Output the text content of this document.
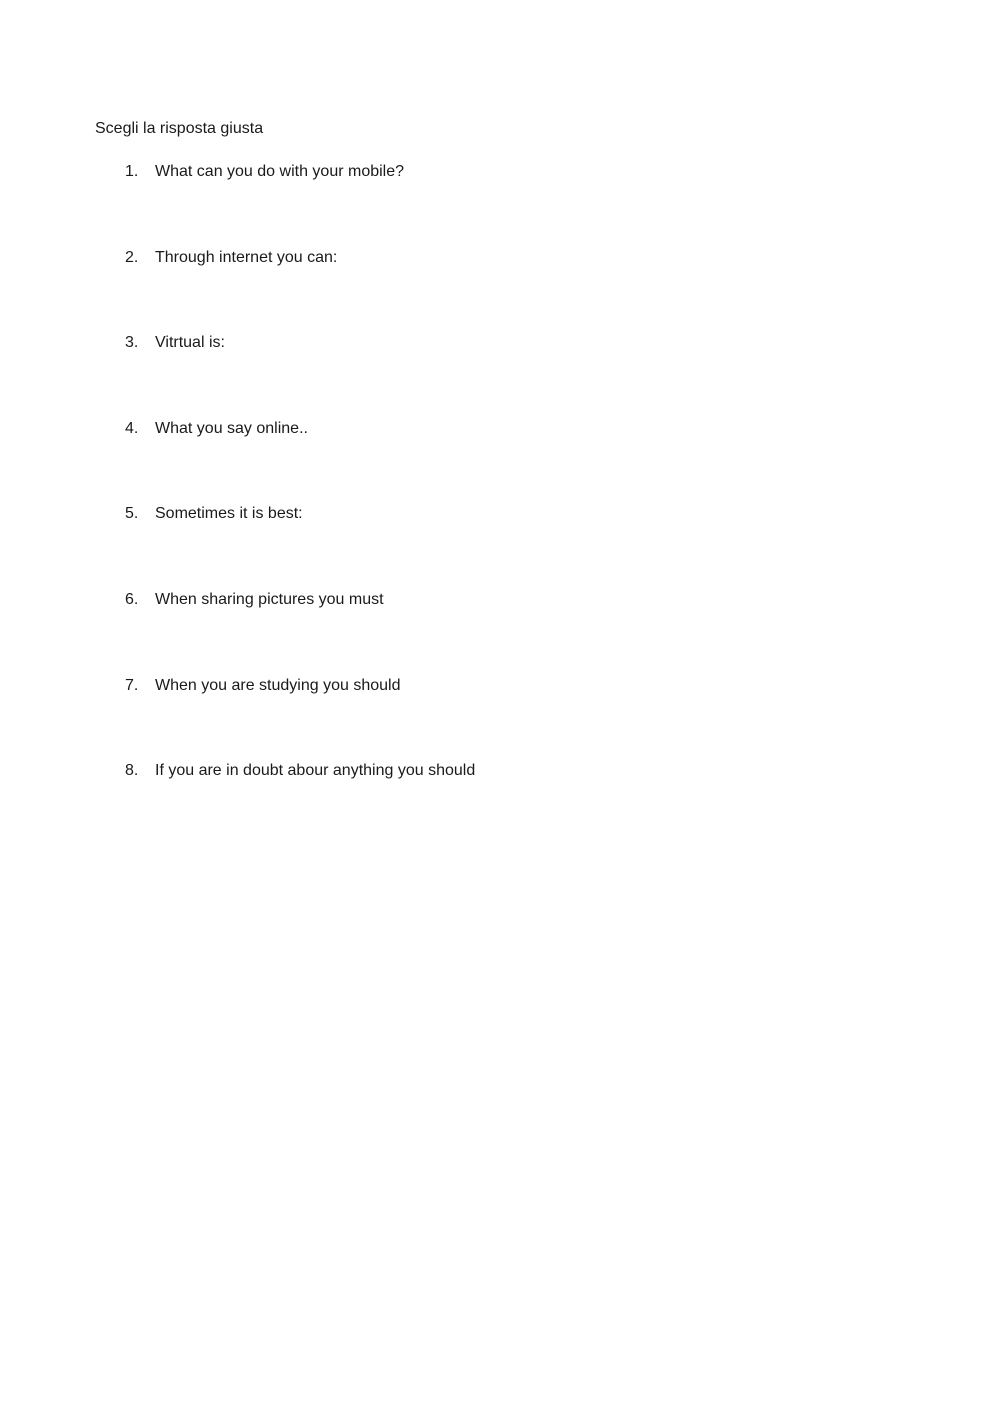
Scegli la risposta giusta
1. What can you do with your mobile?
2. Through internet you can:
3. Vitrtual is:
4. What you say online..
5. Sometimes it is best:
6. When sharing pictures you must
7. When you are studying you should
8. If you are in doubt abour anything you should
